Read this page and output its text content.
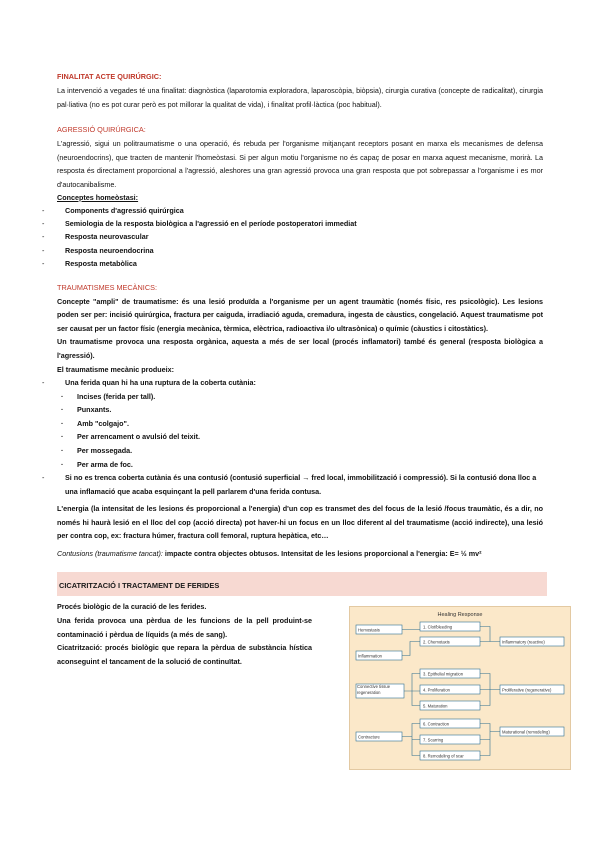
FINALITAT ACTE QUIRÚRGIC:

La intervenció a vegades té una finalitat: diagnòstica (laparotomia exploradora, laparoscòpia, biòpsia), cirurgia curativa (concepte de radicalitat), cirurgia pal·liativa (no es pot curar però es pot millorar la qualitat de vida), i finalitat profil·làctica (poc habitual).

AGRESSIÓ QUIRÚRGICA:

L'agressió, sigui un politraumatisme o una operació, és rebuda per l'organisme mitjançant receptors posant en marxa els mecanismes de defensa (neuroendocrins), que tracten de mantenir l'homeòstasi. Si per algun motiu l'organisme no és capaç de posar en marxa aquest mecanisme, morirà. La resposta és directament proporcional a l'agressió, aleshores una gran agressió provoca una gran resposta que pot sobrepassar a l'organisme i es mor d'autocanibalisme.

Conceptes homeòstasi:
- Components d'agressió quirúrgica
- Semiologia de la resposta biològica a l'agressió en el període postoperatori immediat
- Resposta neurovascular
- Resposta neuroendocrina
- Resposta metabòlica
TRAUMATISMES MECÀNICS:

Concepte "ampli" de traumatisme: és una lesió produïda a l'organisme per un agent traumàtic (només físic, res psicològic). Les lesions poden ser per: incisió quirúrgica, fractura per caiguda, irradiació aguda, cremadura, ingesta de càustics, congelació. Aquest traumatisme pot ser causat per un factor físic (energia mecànica, tèrmica, elèctrica, radioactiva i/o ultrasònica) o químic (càustics i citostàtics).

Un traumatisme provoca una resposta orgànica, aquesta a més de ser local (procés inflamatori) també és general (resposta biològica a l'agressió).

El traumatisme mecànic produeix:

- Una ferida quan hi ha una ruptura de la coberta cutània:
· Incises (ferida per tall).
· Punxants.
· Amb "colgajo".
· Per arrencament o avulsió del teixit.
· Per mossegada.
· Per arma de foc.
- Si no es trenca coberta cutània és una contusió (contusió superficial → fred local, immobilització i compressió). Si la contusió dona lloc a una inflamació que acaba esquinçant la pell parlarem d'una ferida contusa.

L'energia (la intensitat de les lesions és proporcional a l'energia) d'un cop es transmet des del focus de la lesió /focus traumàtic, és a dir, no només hi haurà lesió en el lloc del cop (acció directa) pot haver-hi un focus en un lloc diferent al del traumatisme (acció indirecte), una lesió per contra cop, ex: fractura húmer, fractura coll femoral, ruptura hepàtica, etc…

Contusions (traumatisme tancat): impacte contra objectes obtusos. Intensitat de les lesions proporcional a l'energia: E= ½ mv²

CICATRITZACIÓ I TRACTAMENT DE FERIDES

Procés biològic de la curació de les ferides.

Una ferida provoca una pèrdua de les funcions de la pell produint-se contaminació i pèrdua de líquids (a més de sang).

Cicatrització: procés biològic que repara la pèrdua de substància hística aconseguint el tancament de la solució de continuïtat.

Healing Response
Hemostasis
Inflammation
Connective tissue regeneration
Contracture
1. Clot/bleeding
2. Chemotaxis
3. Epithelial migration
4. Proliferation
5. Maturation
6. Contraction
7. Scarring
8. Remodeling of scar
Inflammatory (reactive)
Proliferative (regenerative)
Maturational (remodeling)
